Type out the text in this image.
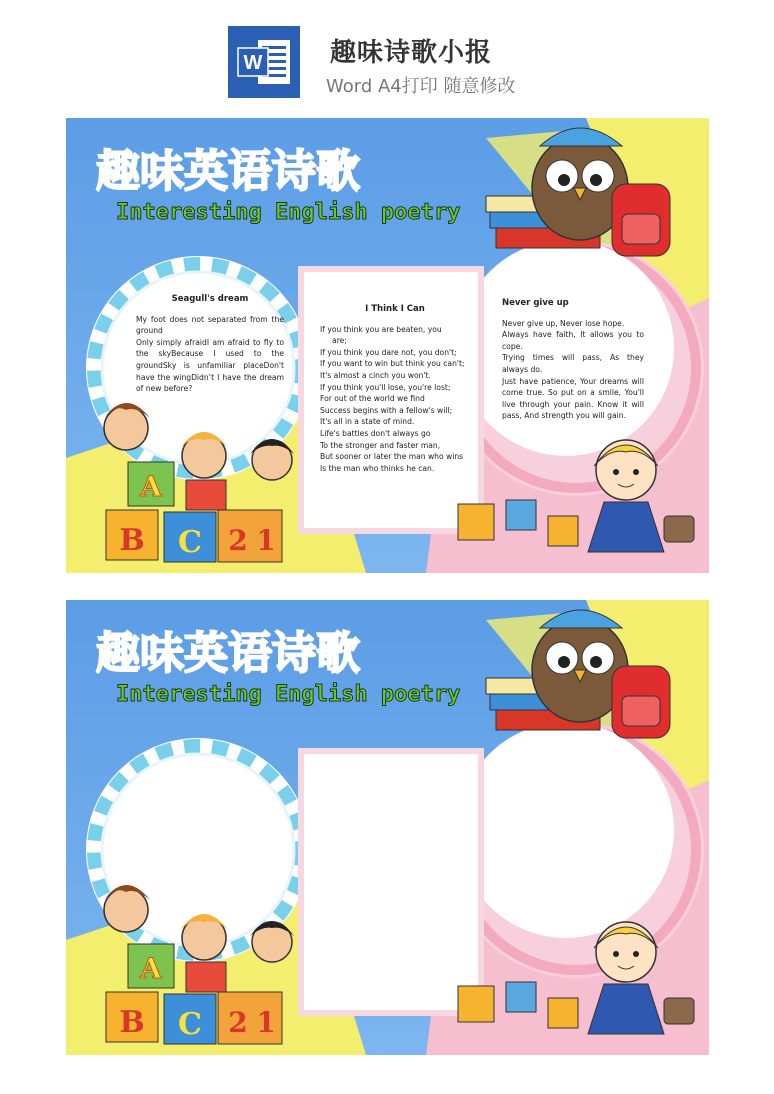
W	趣味诗歌小报
Word A4打印 随意修改
A
B C 2 1
趣味英语诗歌
Interesting English poetry
Seagull's dream
My foot does not separated from the ground
Only simply afraidI am afraid to fly to the skyBecause I used to the groundSky is unfamiliar placeDon't have the wingDidn’t I have the dream of new before?
I Think I Can
If you think you are beaten, you
are;
If you think you dare not, you don't;
If you want to win but think you can't;
It's almost a cinch you won't.
If you think you'll lose, you're lost;
For out of the world we find
Success begins with a fellow's will;
It's all in a state of mind.
Life's battles don't always go
To the stronger and faster man,
But sooner or later the man who wins
Is the man who thinks he can.
Never give up
Never give up, Never lose hope.
Always have faith, It allows you to cope.
Trying times will pass, As they always do.
Just have patience, Your dreams will come true. So put on a smile, You'll live through your pain. Know it will pass, And strength you will gain.
A
B C 2 1
趣味英语诗歌
Interesting English poetry
